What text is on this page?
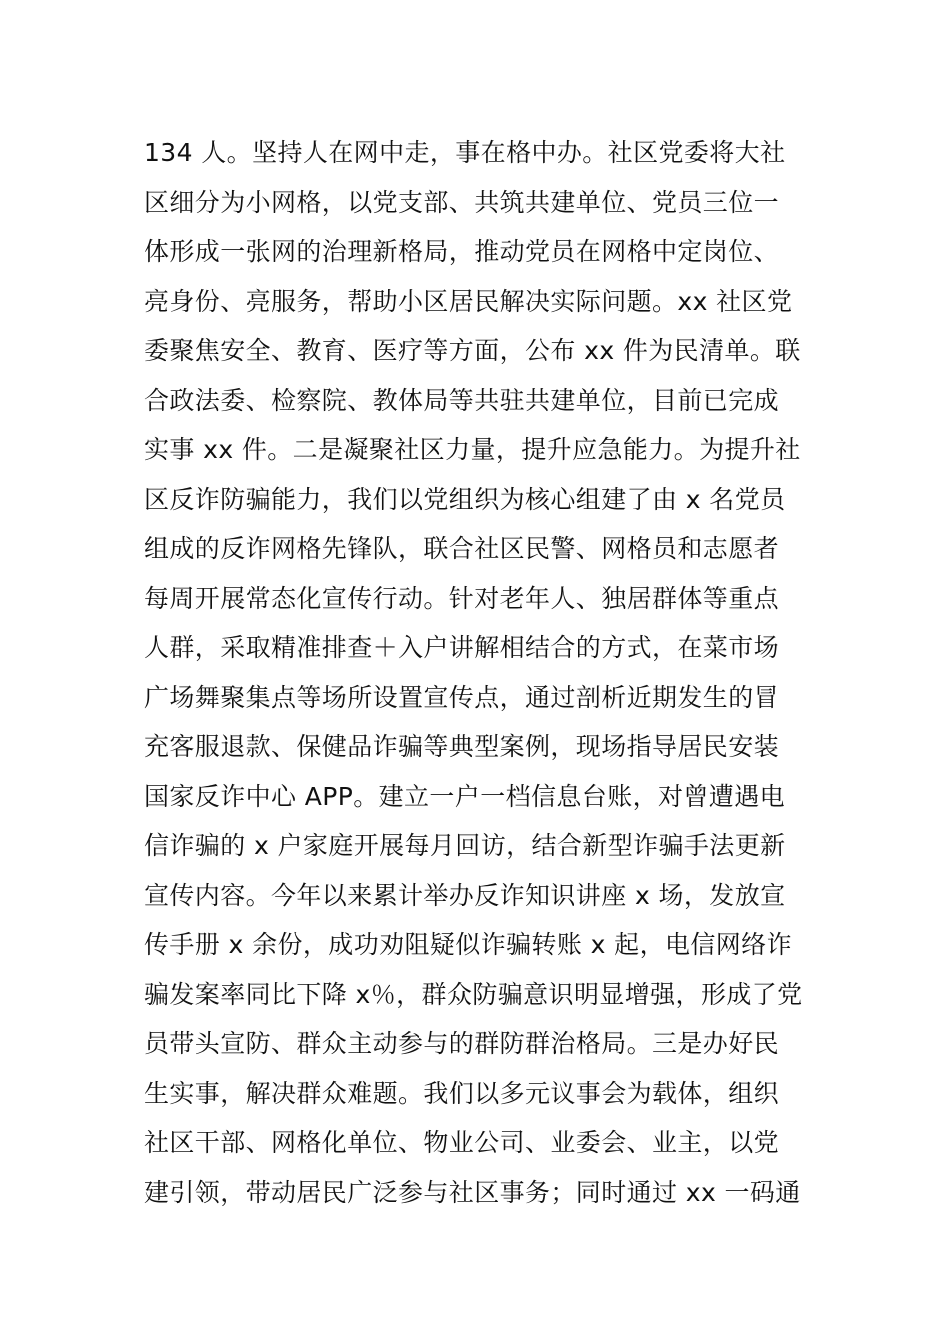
134 人。坚持人在网中走，事在格中办。社区党委将大社
区细分为小网格，以党支部、共筑共建单位、党员三位一
体形成一张网的治理新格局，推动党员在网格中定岗位、
亮身份、亮服务，帮助小区居民解决实际问题。xx 社区党
委聚焦安全、教育、医疗等方面，公布 xx 件为民清单。联
合政法委、检察院、教体局等共驻共建单位，目前已完成
实事 xx 件。二是凝聚社区力量，提升应急能力。为提升社
区反诈防骗能力，我们以党组织为核心组建了由 x 名党员
组成的反诈网格先锋队，联合社区民警、网格员和志愿者
每周开展常态化宣传行动。针对老年人、独居群体等重点
人群，采取精准排查＋入户讲解相结合的方式，在菜市场
广场舞聚集点等场所设置宣传点，通过剖析近期发生的冒
充客服退款、保健品诈骗等典型案例，现场指导居民安装
国家反诈中心 APP。建立一户一档信息台账，对曾遭遇电
信诈骗的 x 户家庭开展每月回访，结合新型诈骗手法更新
宣传内容。今年以来累计举办反诈知识讲座 x 场，发放宣
传手册 x 余份，成功劝阻疑似诈骗转账 x 起，电信网络诈
骗发案率同比下降 x％，群众防骗意识明显增强，形成了党
员带头宣防、群众主动参与的群防群治格局。三是办好民
生实事，解决群众难题。我们以多元议事会为载体，组织
社区干部、网格化单位、物业公司、业委会、业主，以党
建引领，带动居民广泛参与社区事务；同时通过 xx 一码通
